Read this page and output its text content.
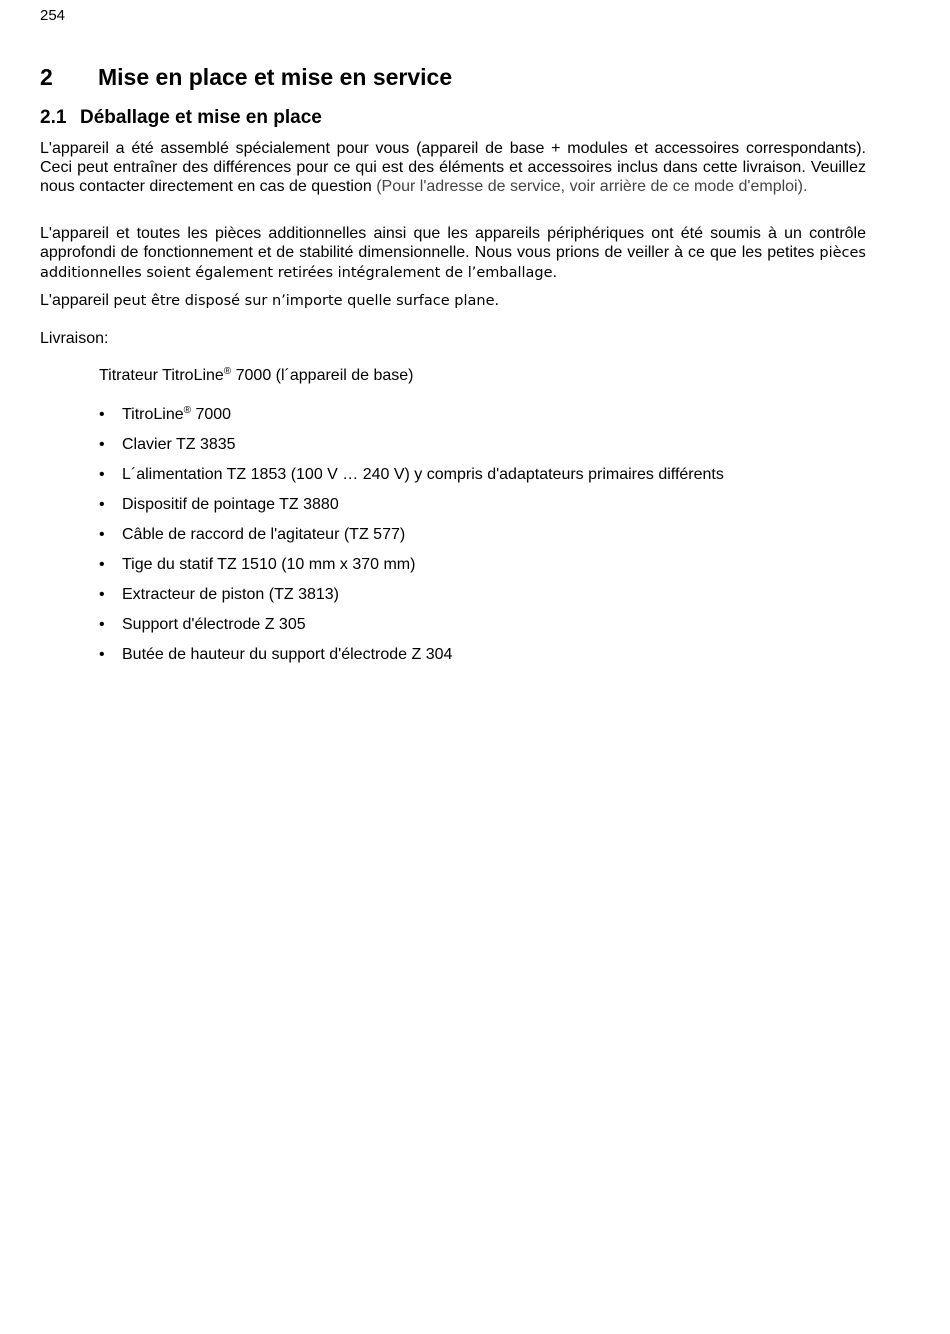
254
2 Mise en place et mise en service
2.1 Déballage et mise en place
L'appareil a été assemblé spécialement pour vous (appareil de base + modules et accessoires correspondants). Ceci peut entraîner des différences pour ce qui est des éléments et accessoires inclus dans cette livraison. Veuillez nous contacter directement en cas de question (Pour l'adresse de service, voir arrière de ce mode d'emploi).
L'appareil et toutes les pièces additionnelles ainsi que les appareils périphériques ont été soumis à un contrôle approfondi de fonctionnement et de stabilité dimensionnelle. Nous vous prions de veiller à ce que les petites pièces additionnelles soient également retirées intégralement de l’emballage.
L'appareil peut être disposé sur n’importe quelle surface plane.
Livraison:
Titrateur TitroLine® 7000 (l´appareil de base)
• TitroLine® 7000
• Clavier TZ 3835
• L´alimentation TZ 1853 (100 V … 240 V) y compris d'adaptateurs primaires différents
• Dispositif de pointage TZ 3880
• Câble de raccord de l'agitateur (TZ 577)
• Tige du statif TZ 1510 (10 mm x 370 mm)
• Extracteur de piston (TZ 3813)
• Support d'électrode Z 305
• Butée de hauteur du support d'électrode Z 304
